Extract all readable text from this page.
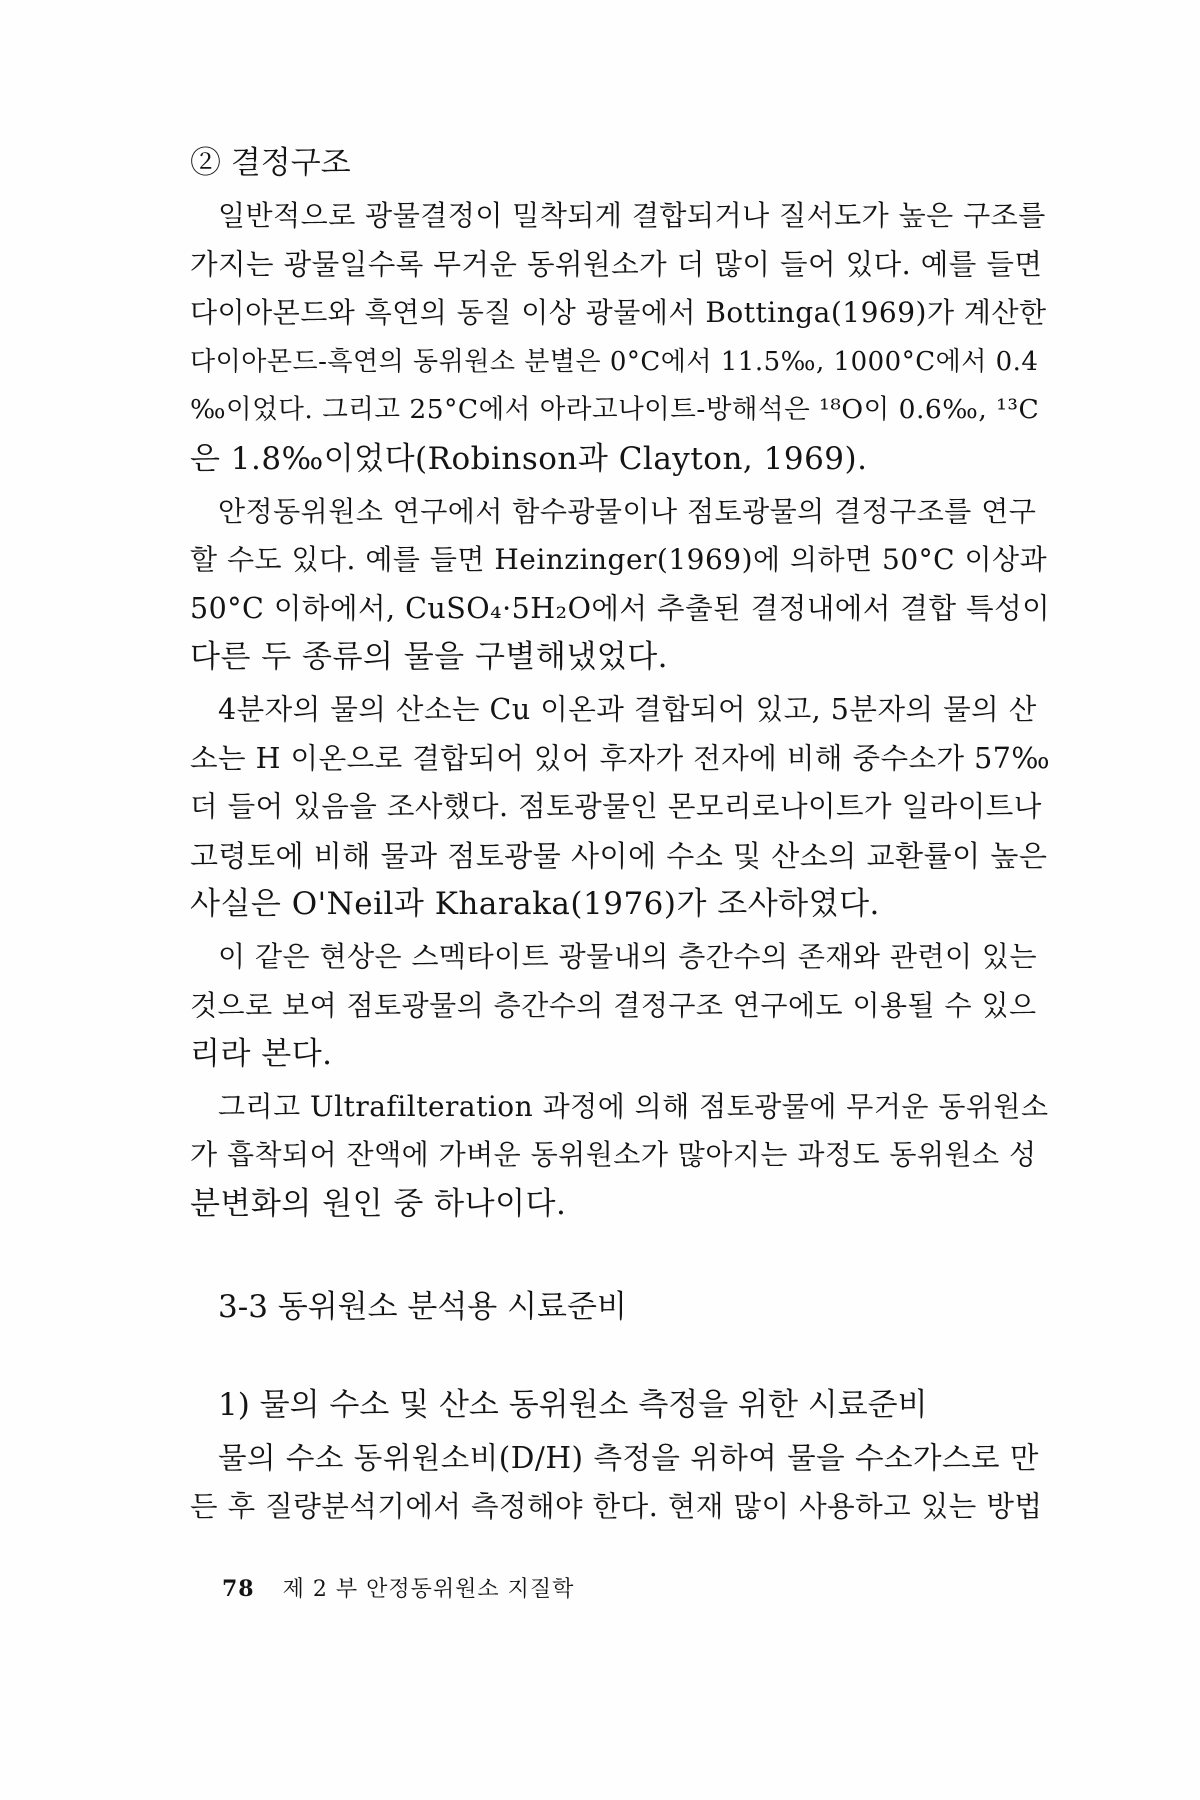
② 결정구조
일반적으로 광물결정이 밀착되게 결합되거나 질서도가 높은 구조를
가지는 광물일수록 무거운 동위원소가 더 많이 들어 있다. 예를 들면
다이아몬드와 흑연의 동질 이상 광물에서 Bottinga(1969)가 계산한
다이아몬드-흑연의 동위원소 분별은 0°C에서 11.5‰, 1000°C에서 0.4
‰이었다. 그리고 25°C에서 아라고나이트-방해석은 ¹⁸O이 0.6‰, ¹³C
은 1.8‰이었다(Robinson과 Clayton, 1969).
안정동위원소 연구에서 함수광물이나 점토광물의 결정구조를 연구
할 수도 있다. 예를 들면 Heinzinger(1969)에 의하면 50°C 이상과
50°C 이하에서, CuSO₄·5H₂O에서 추출된 결정내에서 결합 특성이
다른 두 종류의 물을 구별해냈었다.
4분자의 물의 산소는 Cu 이온과 결합되어 있고, 5분자의 물의 산
소는 H 이온으로 결합되어 있어 후자가 전자에 비해 중수소가 57‰
더 들어 있음을 조사했다. 점토광물인 몬모리로나이트가 일라이트나
고령토에 비해 물과 점토광물 사이에 수소 및 산소의 교환률이 높은
사실은 O'Neil과 Kharaka(1976)가 조사하였다.
이 같은 현상은 스멕타이트 광물내의 층간수의 존재와 관련이 있는
것으로 보여 점토광물의 층간수의 결정구조 연구에도 이용될 수 있으
리라 본다.
그리고 Ultrafilteration 과정에 의해 점토광물에 무거운 동위원소
가 흡착되어 잔액에 가벼운 동위원소가 많아지는 과정도 동위원소 성
분변화의 원인 중 하나이다.
3-3 동위원소 분석용 시료준비
1) 물의 수소 및 산소 동위원소 측정을 위한 시료준비
물의 수소 동위원소비(D/H) 측정을 위하여 물을 수소가스로 만
든 후 질량분석기에서 측정해야 한다. 현재 많이 사용하고 있는 방법
78 제 2 부 안정동위원소 지질학
